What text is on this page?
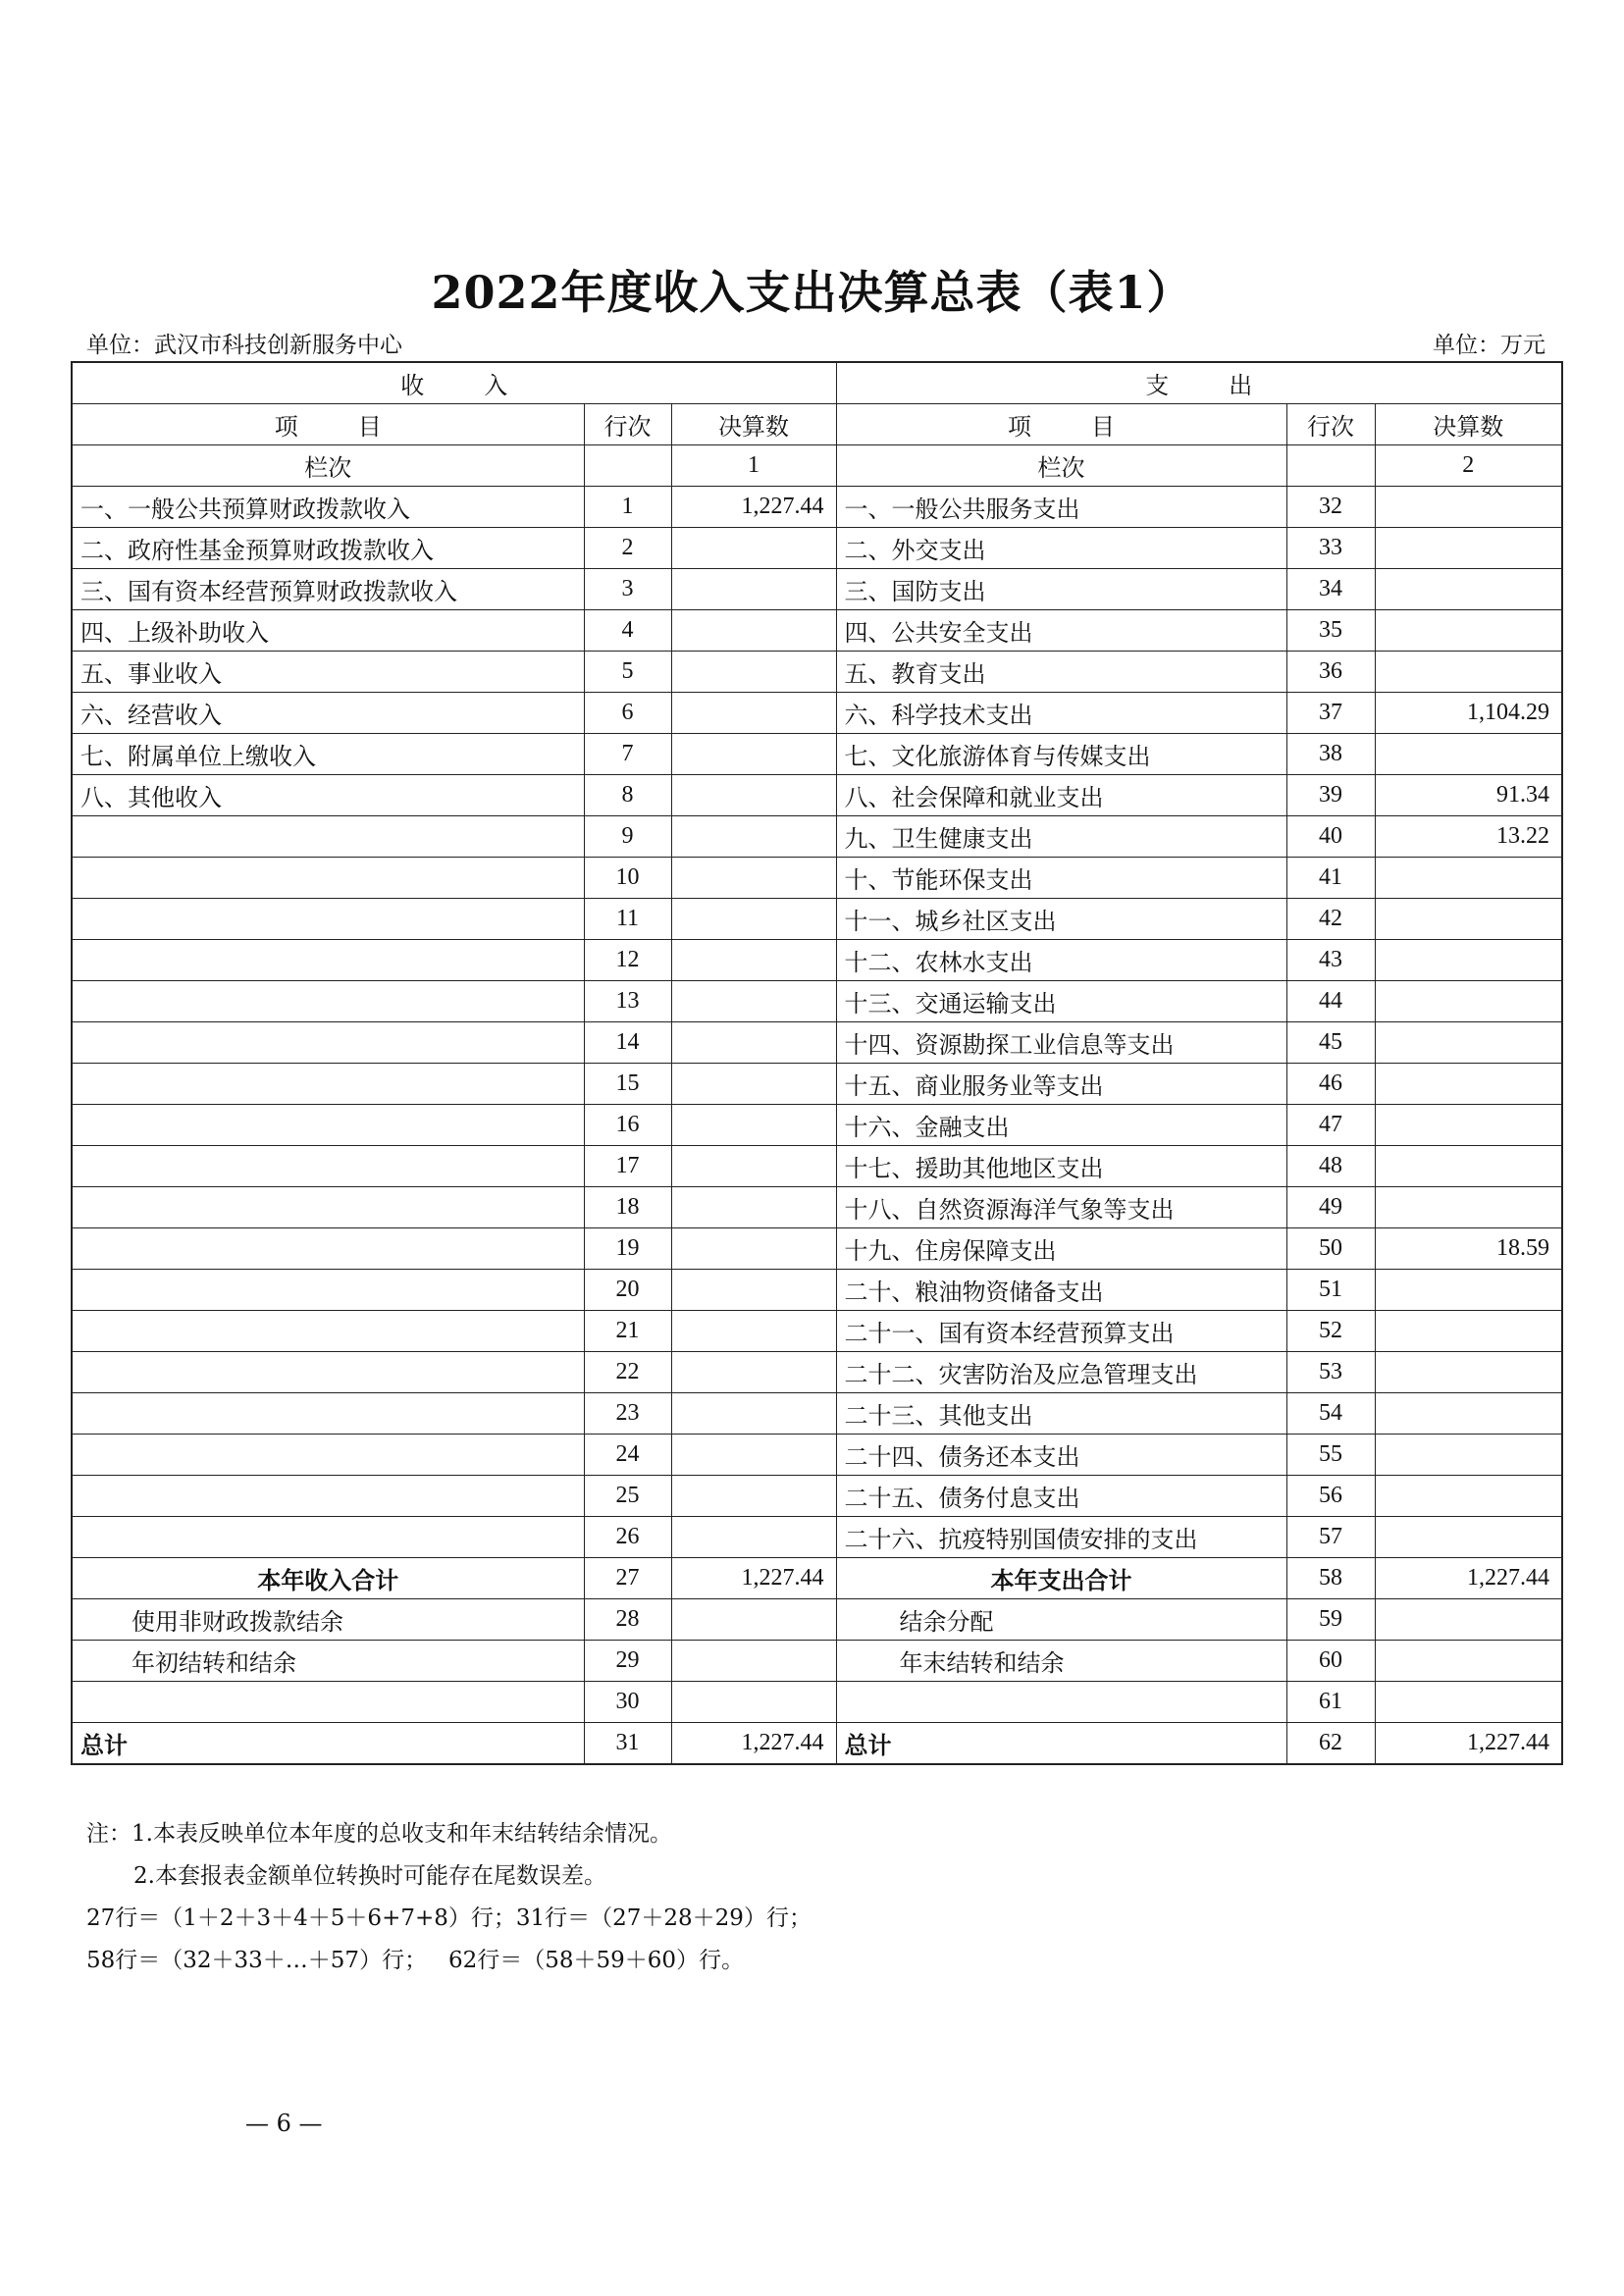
2022年度收入支出决算总表（表1）
单位：武汉市科技创新服务中心	单位：万元
收        入			支        出		
项        目	行次	决算数	项        目	行次	决算数
栏次		1	栏次		2
一、一般公共预算财政拨款收入	1	1,227.44	一、一般公共服务支出	32	
二、政府性基金预算财政拨款收入	2		二、外交支出	33	
三、国有资本经营预算财政拨款收入	3		三、国防支出	34	
四、上级补助收入	4		四、公共安全支出	35	
五、事业收入	5		五、教育支出	36	
六、经营收入	6		六、科学技术支出	37	1,104.29
七、附属单位上缴收入	7		七、文化旅游体育与传媒支出	38	
八、其他收入	8		八、社会保障和就业支出	39	91.34
	9		九、卫生健康支出	40	13.22
	10		十、节能环保支出	41	
	11		十一、城乡社区支出	42	
	12		十二、农林水支出	43	
	13		十三、交通运输支出	44	
	14		十四、资源勘探工业信息等支出	45	
	15		十五、商业服务业等支出	46	
	16		十六、金融支出	47	
	17		十七、援助其他地区支出	48	
	18		十八、自然资源海洋气象等支出	49	
	19		十九、住房保障支出	50	18.59
	20		二十、粮油物资储备支出	51	
	21		二十一、国有资本经营预算支出	52	
	22		二十二、灾害防治及应急管理支出	53	
	23		二十三、其他支出	54	
	24		二十四、债务还本支出	55	
	25		二十五、债务付息支出	56	
	26		二十六、抗疫特别国债安排的支出	57	
本年收入合计	27	1,227.44	本年支出合计	58	1,227.44
使用非财政拨款结余	28		结余分配	59	
年初结转和结余	29		年末结转和结余	60	
	30			61	
总计	31	1,227.44	总计	62	1,227.44
注：1.本表反映单位本年度的总收支和年末结转结余情况。
2.本套报表金额单位转换时可能存在尾数误差。
27行＝（1＋2＋3＋4＋5＋6+7+8）行；31行＝（27＋28＋29）行；
58行＝（32＋33＋…＋57）行；   62行＝（58＋59＋60）行。
— 6 —
